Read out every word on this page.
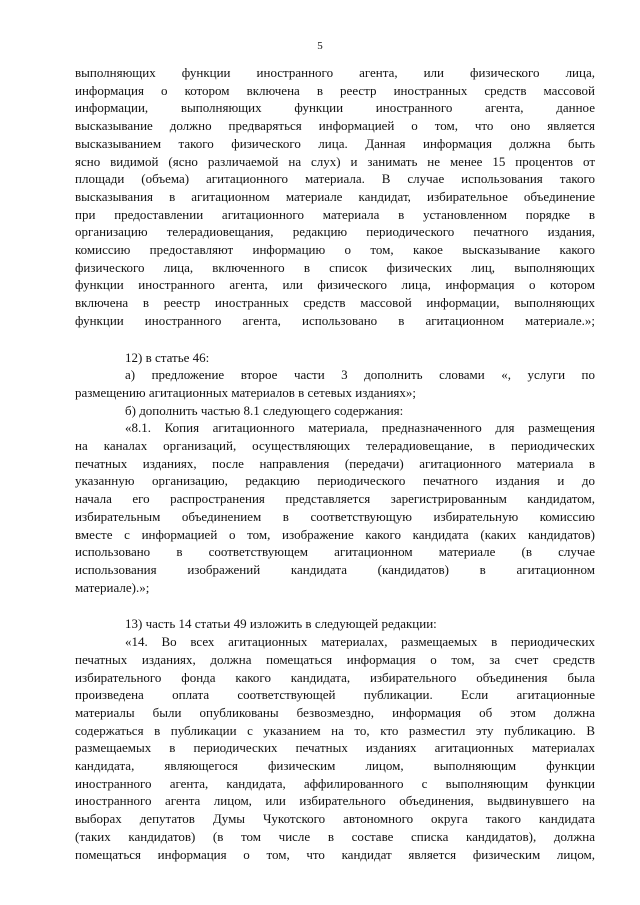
5

выполняющих функции иностранного агента, или физического лица,
информация о котором включена в реестр иностранных средств массовой
информации, выполняющих функции иностранного агента, данное
высказывание должно предваряться информацией о том, что оно является
высказыванием такого физического лица. Данная информация должна быть
ясно видимой (ясно различаемой на слух) и занимать не менее 15 процентов от
площади (объема) агитационного материала. В случае использования такого
высказывания в агитационном материале кандидат, избирательное объединение
при предоставлении агитационного материала в установленном порядке в
организацию телерадиовещания, редакцию периодического печатного издания,
комиссию предоставляют информацию о том, какое высказывание какого
физического лица, включенного в список физических лиц, выполняющих
функции иностранного агента, или физического лица, информация о котором
включена в реестр иностранных средств массовой информации, выполняющих
функции иностранного агента, использовано в агитационном материале.»;

12) в статье 46:

а) предложение второе части 3 дополнить словами «, услуги по
размещению агитационных материалов в сетевых изданиях»;

б) дополнить частью 8.1 следующего содержания:

«8.1. Копия агитационного материала, предназначенного для размещения
на каналах организаций, осуществляющих телерадиовещание, в периодических
печатных изданиях, после направления (передачи) агитационного материала в
указанную организацию, редакцию периодического печатного издания и до
начала его распространения представляется зарегистрированным кандидатом,
избирательным объединением в соответствующую избирательную комиссию
вместе с информацией о том, изображение какого кандидата (каких кандидатов)
использовано в соответствующем агитационном материале (в случае
использования изображений кандидата (кандидатов) в агитационном
материале).»;

13) часть 14 статьи 49 изложить в следующей редакции:

«14. Во всех агитационных материалах, размещаемых в периодических
печатных изданиях, должна помещаться информация о том, за счет средств
избирательного фонда какого кандидата, избирательного объединения была
произведена оплата соответствующей публикации. Если агитационные
материалы были опубликованы безвозмездно, информация об этом должна
содержаться в публикации с указанием на то, кто разместил эту публикацию. В
размещаемых в периодических печатных изданиях агитационных материалах
кандидата, являющегося физическим лицом, выполняющим функции
иностранного агента, кандидата, аффилированного с выполняющим функции
иностранного агента лицом, или избирательного объединения, выдвинувшего на
выборах депутатов Думы Чукотского автономного округа такого кандидата
(таких кандидатов) (в том числе в составе списка кандидатов), должна
помещаться информация о том, что кандидат является физическим лицом,
